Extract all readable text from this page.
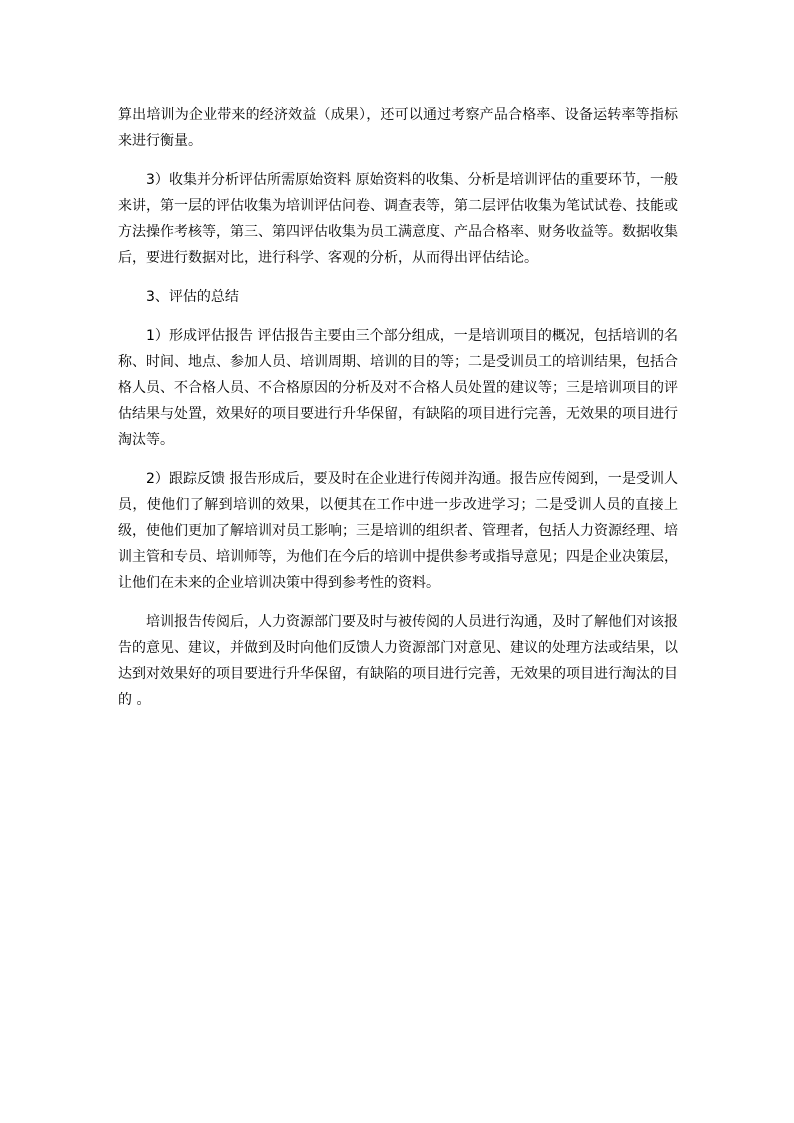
算出培训为企业带来的经济效益（成果），还可以通过考察产品合格率、设备运转率等指标来进行衡量。

3）收集并分析评估所需原始资料 原始资料的收集、分析是培训评估的重要环节，一般来讲，第一层的评估收集为培训评估问卷、调查表等，第二层评估收集为笔试试卷、技能或方法操作考核等，第三、第四评估收集为员工满意度、产品合格率、财务收益等。数据收集后，要进行数据对比，进行科学、客观的分析，从而得出评估结论。

3、评估的总结

1）形成评估报告 评估报告主要由三个部分组成，一是培训项目的概况，包括培训的名称、时间、地点、参加人员、培训周期、培训的目的等；二是受训员工的培训结果，包括合格人员、不合格人员、不合格原因的分析及对不合格人员处置的建议等；三是培训项目的评估结果与处置，效果好的项目要进行升华保留，有缺陷的项目进行完善，无效果的项目进行淘汰等。

2）跟踪反馈 报告形成后，要及时在企业进行传阅并沟通。报告应传阅到，一是受训人员，使他们了解到培训的效果，以便其在工作中进一步改进学习；二是受训人员的直接上级，使他们更加了解培训对员工影响；三是培训的组织者、管理者，包括人力资源经理、培训主管和专员、培训师等，为他们在今后的培训中提供参考或指导意见；四是企业决策层，让他们在未来的企业培训决策中得到参考性的资料。

培训报告传阅后，人力资源部门要及时与被传阅的人员进行沟通，及时了解他们对该报告的意见、建议，并做到及时向他们反馈人力资源部门对意见、建议的处理方法或结果，以达到对效果好的项目要进行升华保留，有缺陷的项目进行完善，无效果的项目进行淘汰的目的 。
